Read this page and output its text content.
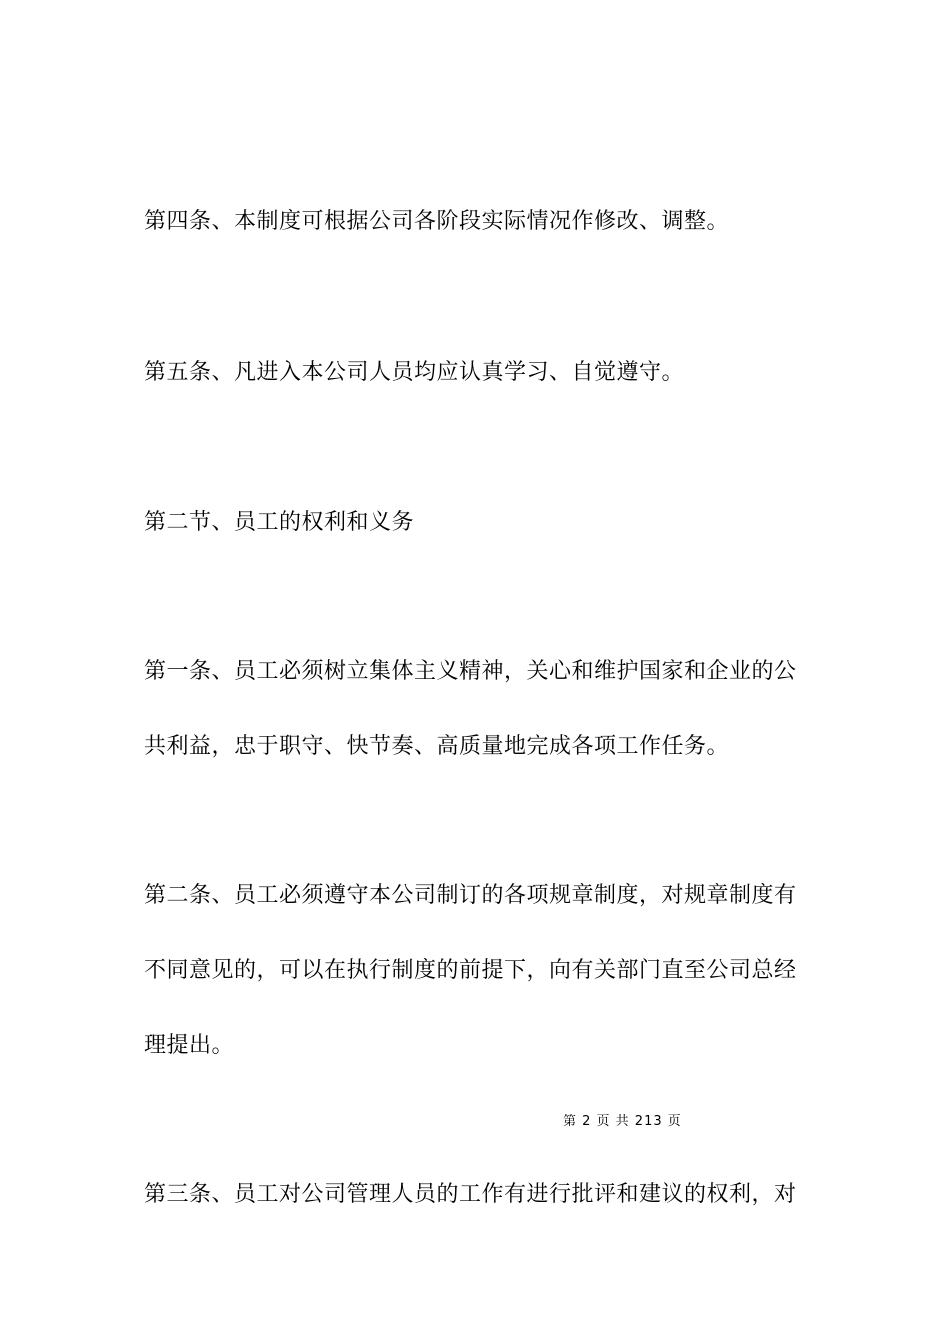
第四条、本制度可根据公司各阶段实际情况作修改、调整。
第五条、凡进入本公司人员均应认真学习、自觉遵守。
第二节、员工的权利和义务
第一条、员工必须树立集体主义精神，关心和维护国家和企业的公
共利益，忠于职守、快节奏、高质量地完成各项工作任务。
第二条、员工必须遵守本公司制订的各项规章制度，对规章制度有
不同意见的，可以在执行制度的前提下，向有关部门直至公司总经
理提出。
第 2 页 共 213 页
第三条、员工对公司管理人员的工作有进行批评和建议的权利，对
